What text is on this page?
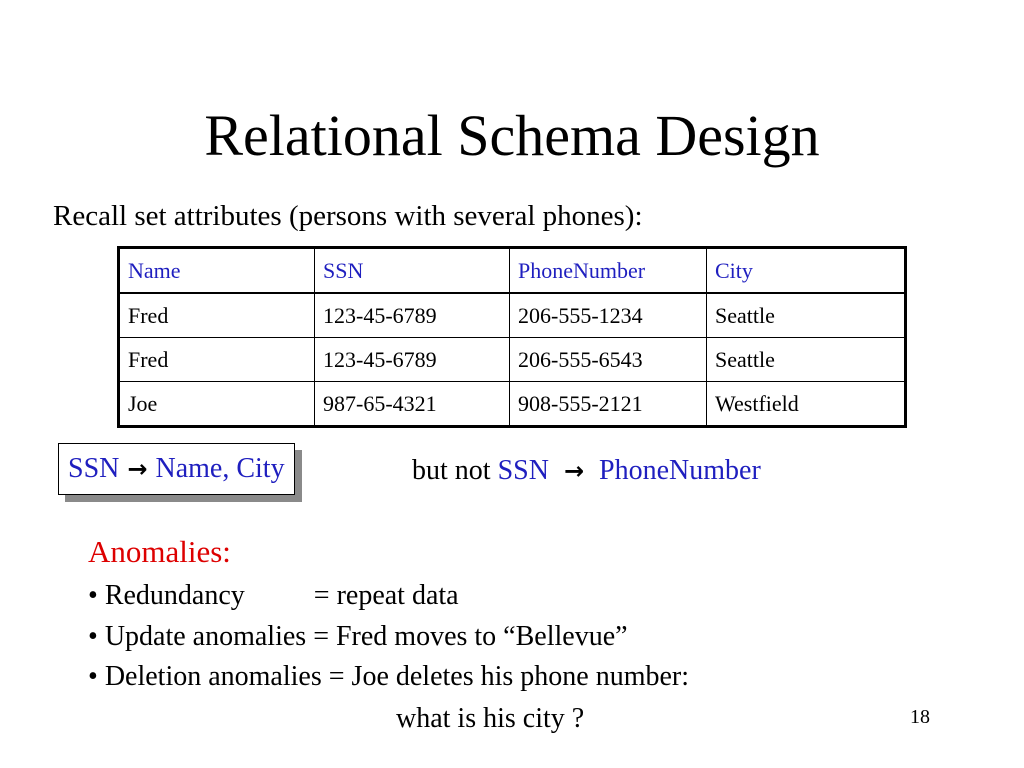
Relational Schema Design
Recall set attributes (persons with several phones):
Name	SSN	PhoneNumber	City
Fred	123-45-6789	206-555-1234	Seattle
Fred	123-45-6789	206-555-6543	Seattle
Joe	987-65-4321	908-555-2121	Westfield
SSN → Name, City	but not SSN → PhoneNumber
Anomalies:
• Redundancy = repeat data
• Update anomalies = Fred moves to “Bellevue”
• Deletion anomalies = Joe deletes his phone number:
what is his city ?	18
